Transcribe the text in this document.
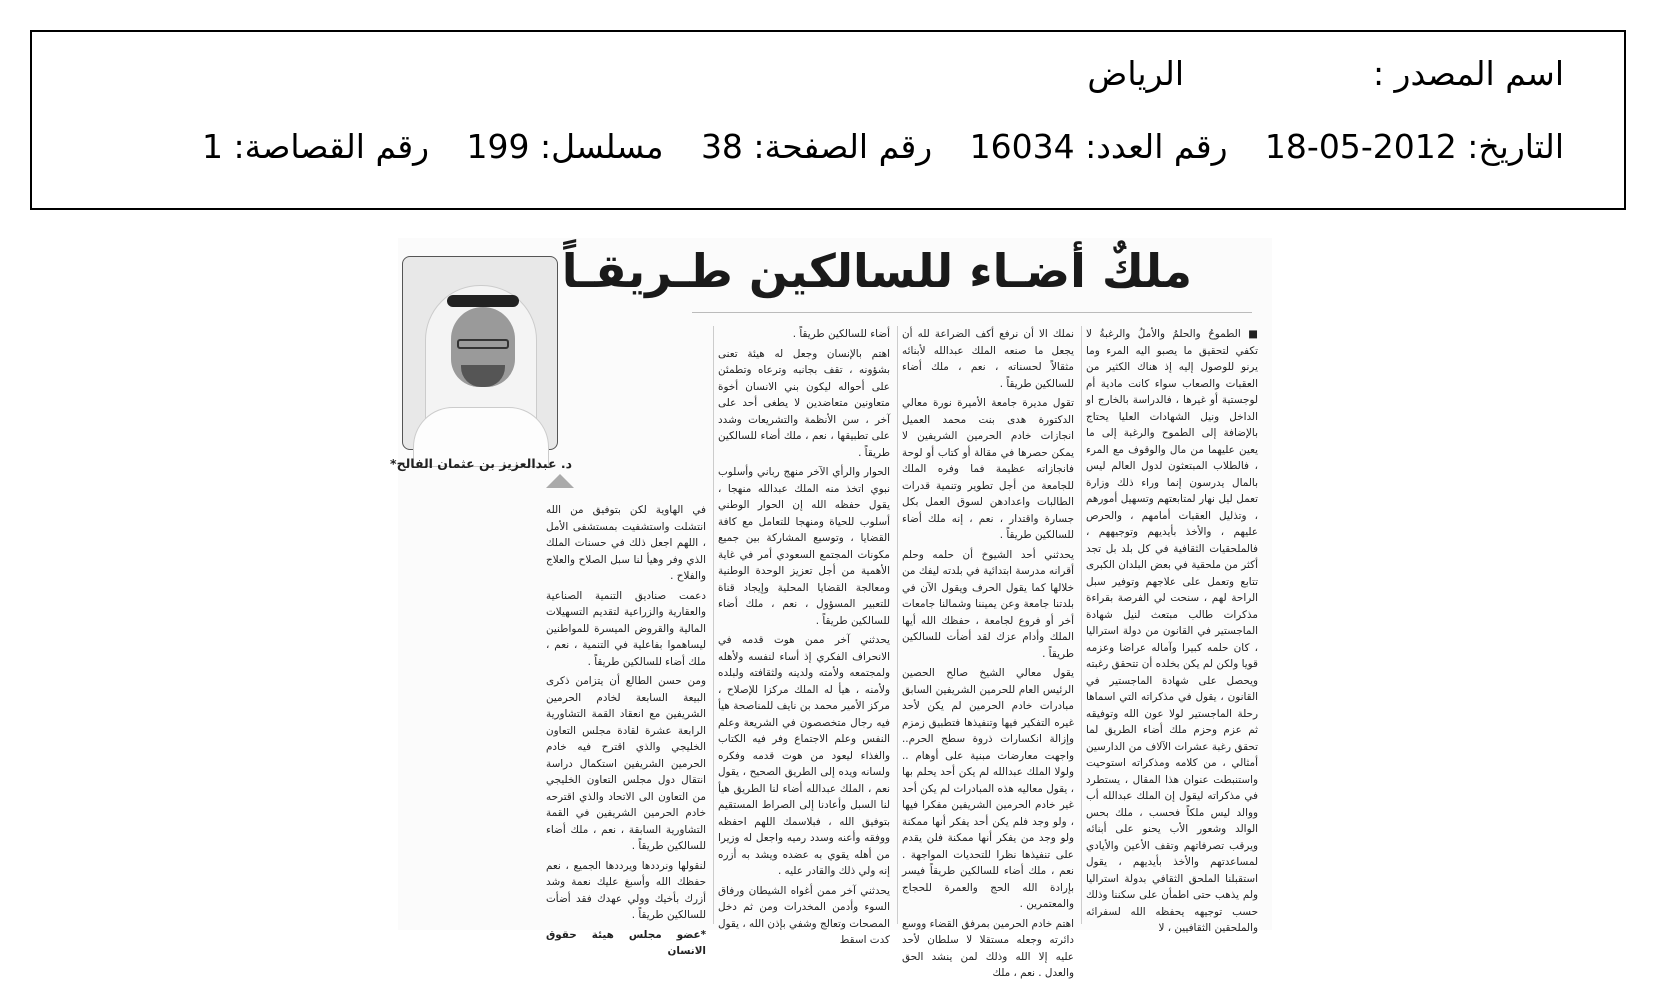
اسم المصدر :
الرياض
التاريخ: 2012-05-18
رقم العدد: 16034
رقم الصفحة: 38
مسلسل: 199
رقم القصاصة: 1
ملكٌ أضـاء للسالكين طـريقـاً

■ الطموحُ والحلمُ والأملُ والرغبةُ لا تكفي لتحقيق ما يصبو اليه المرء وما يرنو للوصول إليه إذ هناك الكثير من العقبات والصعاب سواء كانت مادية أم لوجستية أو غيرها ، فالدراسة بالخارج او الداخل ونيل الشهادات العليا يحتاج بالإضافة إلى الطموح والرغبة إلى ما يعين عليهما من مال والوقوف مع المرء ، فالطلاب المبتعثون لدول العالم ليس بالمال يدرسون إنما وراء ذلك وزارة تعمل ليل نهار لمتابعتهم وتسهيل أمورهم ، وتذليل العقبات أمامهم ، والحرص عليهم ، والأخذ بأيديهم وتوجيههم ، فالملحقيات الثقافية في كل بلد بل تجد أكثر من ملحقية في بعض البلدان الكبرى تتابع وتعمل على علاجهم وتوفير سبل الراحة لهم ، سنحت لي الفرصة بقراءة مذكرات طالب مبتعث لنيل شهادة الماجستير في القانون من دولة استراليا ، كان حلمه كبيرا وآماله عراضا وعزمه قويا ولكن لم يكن بخلده أن تتحقق رغبته ويحصل على شهادة الماجستير في القانون ، يقول في مذكراته التي اسماها رحلة الماجستير لولا عون الله وتوفيقه ثم عزم وحزم ملك أضاء الطريق لما تحقق رغبة عشرات الآلاف من الدارسين أمثالي ، من كلامه ومذكراته استوحيت واستنبطت عنوان هذا المقال ، يستطرد في مذكراته ليقول إن الملك عبدالله أب ووالد ليس ملكاً فحسب ، ملك بحس الوالد وشعور الأب يحنو على أبنائه ويرقب تصرفاتهم وتقف الأعين والأيادي لمساعدتهم والأخذ بأيديهم ، يقول استقبلنا الملحق الثقافي بدولة استراليا ولم يذهب حتى اطمأن على سكننا وذلك حسب توجيهه يحفظه الله لسفرائه والملحقين الثقافيين ، لا

نملك الا أن نرفع أكف الضراعة لله أن يجعل ما صنعه الملك عبدالله لأبنائه مثقالاً لحسناته ، نعم ، ملك أضاء للسالكين طريقاً .

تقول مديرة جامعة الأميرة نورة معالي الدكتورة هدى بنت محمد العميل انجازات خادم الحرمين الشريفين لا يمكن حصرها في مقالة أو كتاب أو لوحة فانجازاته عظيمة فما وفره الملك للجامعة من أجل تطوير وتنمية قدرات الطالبات واعدادهن لسوق العمل بكل جسارة واقتدار ، نعم ، إنه ملك أضاء للسالكين طريقاً .

يحدثني أحد الشيوخ أن حلمه وحلم أقرانه مدرسة ابتدائية في بلدته ليفك من خلالها كما يقول الحرف ويقول الآن في بلدتنا جامعة وعن يميننا وشمالنا جامعات أخر أو فروع لجامعة ، حفظك الله أيها الملك وأدام عزك لقد أضأت للسالكين طريقاً .

يقول معالي الشيخ صالح الحصين الرئيس العام للحرمين الشريفين السابق مبادرات خادم الحرمين لم يكن لأحد غيره التفكير فيها وتنفيذها فتطبيق زمزم وإزالة انكسارات ذروة سطح الحرم.. واجهت معارضات مبنية على أوهام .. ولولا الملك عبدالله لم يكن أحد يحلم بها ، يقول معاليه هذه المبادرات لم يكن أحد غير خادم الحرمين الشريفين مفكرا فيها ، ولو وجد فلم يكن أحد يفكر أنها ممكنة ولو وجد من يفكر أنها ممكنة فلن يقدم على تنفيذها نظرا للتحديات المواجهة . نعم ، ملك أضاء للسالكين طريقاً فيسر بإرادة الله الحج والعمرة للحجاج والمعتمرين .

اهتم خادم الحرمين بمرفق القضاء ووسع دائرته وجعله مستقلا لا سلطان لأحد عليه إلا الله وذلك لمن ينشد الحق والعدل . نعم ، ملك

أضاء للسالكين طريقاً .

اهتم بالإنسان وجعل له هيئة تعنى بشؤونه ، تقف بجانبه وترعاه وتطمئن على أحواله ليكون بني الانسان أخوة متعاونين متعاضدين لا يطغى أحد على آخر ، سن الأنظمة والتشريعات وشدد على تطبيقها ، نعم ، ملك أضاء للسالكين طريقاً .

الحوار والرأي الآخر منهج رباني وأسلوب نبوي اتخذ منه الملك عبدالله منهجا ، يقول حفظه الله إن الحوار الوطني أسلوب للحياة ومنهجا للتعامل مع كافة القضايا ، وتوسيع المشاركة بين جميع مكونات المجتمع السعودي أمر في غاية الأهمية من أجل تعزيز الوحدة الوطنية ومعالجة القضايا المحلية وإيجاد قناة للتعبير المسؤول ، نعم ، ملك أضاء للسالكين طريقاً .

يحدثني آخر ممن هوت قدمه في الانحراف الفكري إذ أساء لنفسه ولأهله ولمجتمعه ولأمته ولدينه ولثقافته ولبلده ولأمنه ، هيأ له الملك مركزا للإصلاح ، مركز الأمير محمد بن نايف للمناصحة هيأ فيه رجال متخصصون في الشريعة وعلم النفس وعلم الاجتماع وفر فيه الكتاب والغذاء ليعود من هوت قدمه وفكره ولسانه ويده إلى الطريق الصحيح ، يقول نعم ، الملك عبدالله أضاء لنا الطريق هيأ لنا السبل وأعادنا إلى الصراط المستقيم بتوفيق الله ، فبلاسمك اللهم احفظه ووفقه وأعنه وسدد رميه واجعل له وزيرا من أهله يقوي به عضده ويشد به أزره إنه ولي ذلك والقادر عليه .

يحدثني آخر ممن أغواه الشيطان ورفاق السوء وأدمن المخدرات ومن ثم دخل المصحات وتعالج وشفي بإذن الله ، يقول كدت اسقط

د. عبدالعزيز بن عثمان الفالح*

في الهاوية لكن بتوفيق من الله انتشلت واستشفيت بمستشفى الأمل ، اللهم اجعل ذلك في حسنات الملك الذي وفر وهيأ لنا سبل الصلاح والعلاج والفلاح .

دعمت صناديق التنمية الصناعية والعقارية والزراعية لتقديم التسهيلات المالية والقروض الميسرة للمواطنين ليساهموا بفاعلية في التنمية ، نعم ، ملك أضاء للسالكين طريقاً .

ومن حسن الطالع أن يتزامن ذكرى البيعة السابعة لخادم الحرمين الشريفين مع انعقاد القمة التشاورية الرابعة عشرة لقادة مجلس التعاون الخليجي والذي اقترح فيه خادم الحرمين الشريفين استكمال دراسة انتقال دول مجلس التعاون الخليجي من التعاون الى الاتحاد والذي اقترحه خادم الحرمين الشريفين في القمة التشاورية السابقة ، نعم ، ملك أضاء للسالكين طريقاً .

لنقولها ونرددها ويرددها الجميع ، نعم حفظك الله وأسبغ عليك نعمة وشد أزرك بأخيك وولي عهدك فقد أضأت للسالكين طريقاً .

*عضو مجلس هيئة حقوق الانسان
